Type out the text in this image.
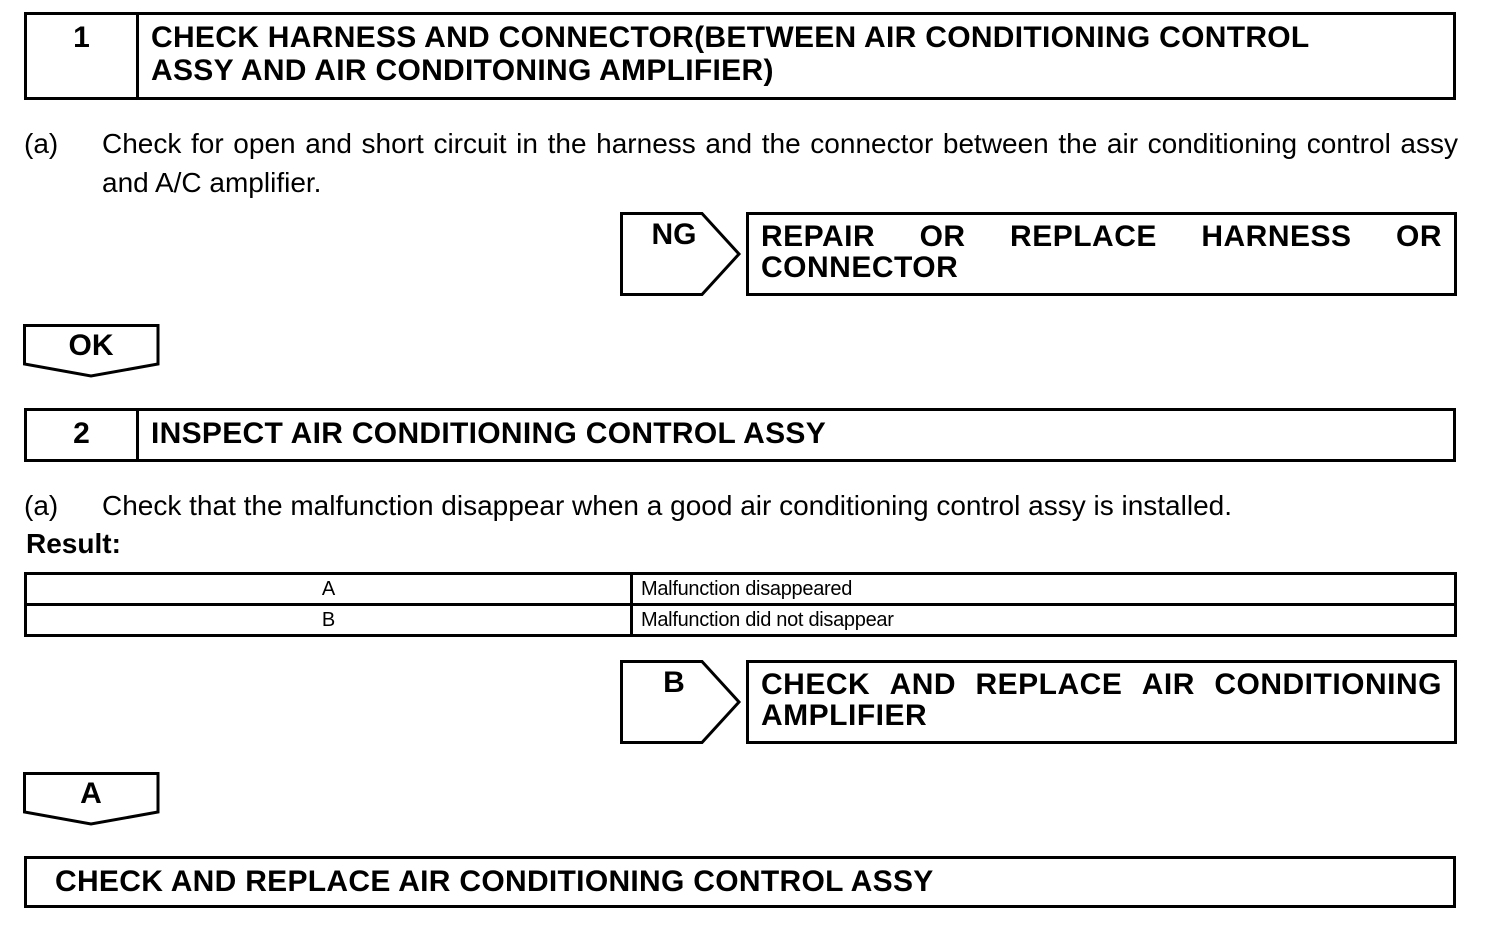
1	CHECK HARNESS AND CONNECTOR(BETWEEN AIR CONDITIONING CONTROL
ASSY AND AIR CONDITONING AMPLIFIER)
(a) Check for open and short circuit in the harness and the connector between the air conditioning control assy and A/C amplifier.
NG	REPAIR OR REPLACE HARNESS OR
CONNECTOR
OK
2	INSPECT AIR CONDITIONING CONTROL ASSY
(a) Check that the malfunction disappear when a good air conditioning control assy is installed.
Result:
A	Malfunction disappeared
B	Malfunction did not disappear
B	CHECK AND REPLACE AIR CONDITIONING
AMPLIFIER
A
CHECK AND REPLACE AIR CONDITIONING CONTROL ASSY
